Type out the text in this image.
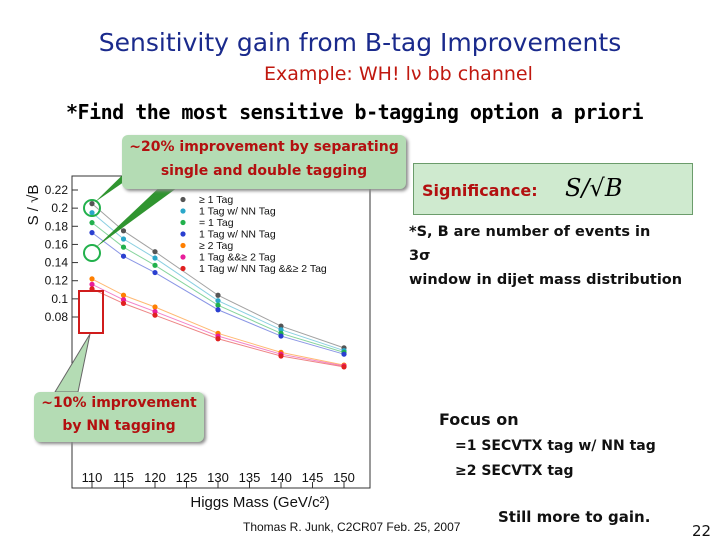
Sensitivity gain from B-tag Improvements
Example: WH! lν bb channel
*Find the most sensitive b-tagging option a priori
0.08
0.1
0.12
0.14
0.16
0.18
0.2
0.22
110 115 120 125 130 135 140 145 150
Higgs Mass (GeV/c²)
S / √B	≥ 1 Tag
1 Tag w/ NN Tag
= 1 Tag
1 Tag w/ NN Tag
≥ 2 Tag
1 Tag &&≥ 2 Tag
1 Tag w/ NN Tag &&≥ 2 Tag
~20% improvement by separating
single and double tagging
Significance: S/√B
*S, B are number of events in
3σ
window in dijet mass distribution
~10% improvement
by NN tagging	Focus on
=1 SECVTX tag w/ NN tag
≥2 SECVTX tag
Still more to gain.
Thomas R. Junk, C2CR07 Feb. 25, 2007	22
